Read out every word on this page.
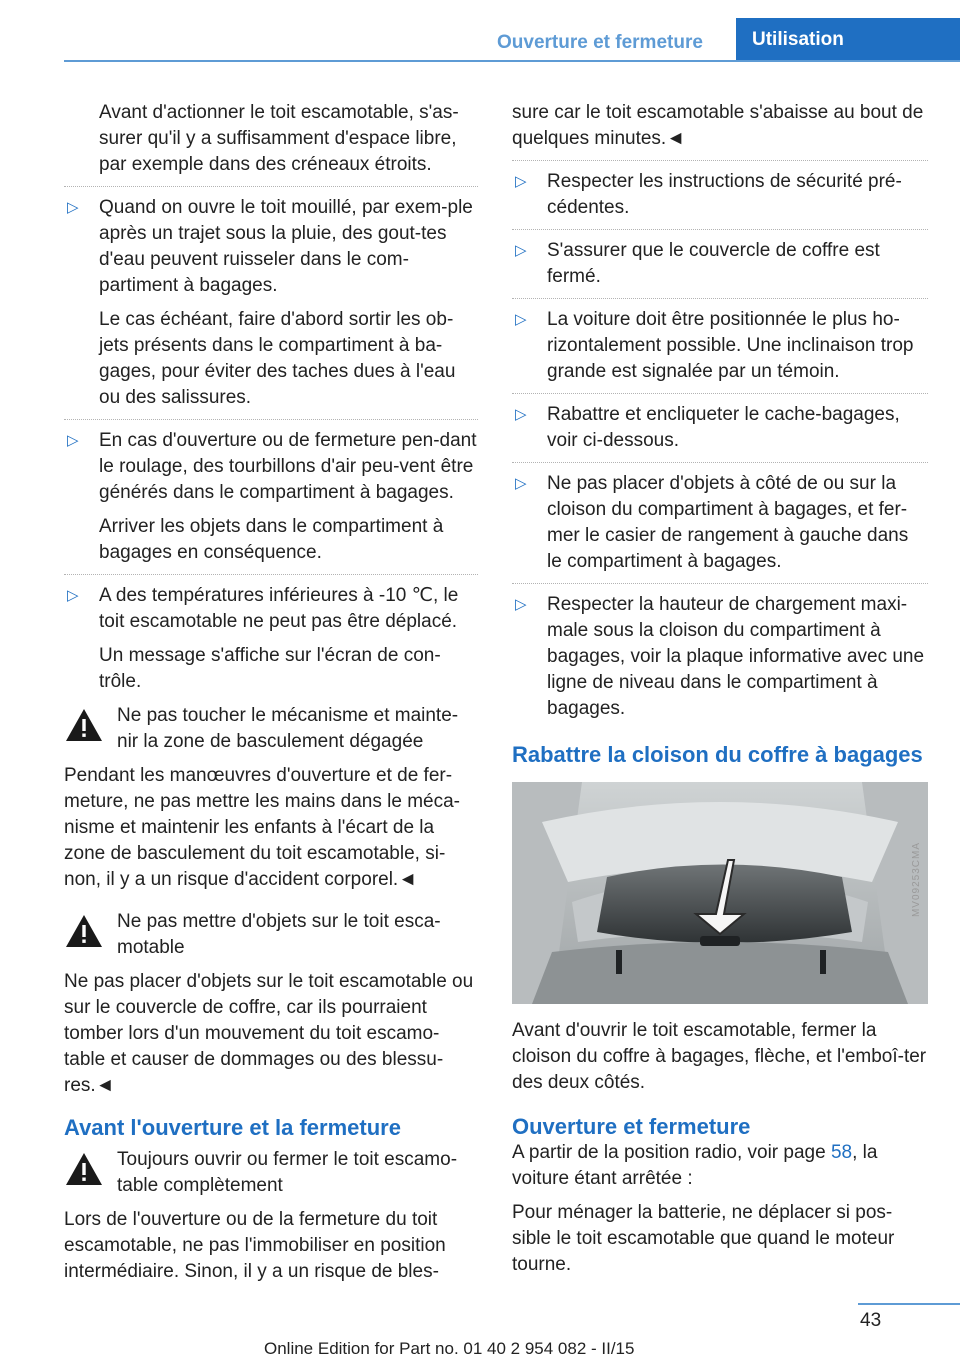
Ouverture et fermeture	Utilisation

Avant d'actionner le toit escamotable, s'as-surer qu'il y a suffisamment d'espace libre, par exemple dans des créneaux étroits.

▷ Quand on ouvre le toit mouillé, par exem-ple après un trajet sous la pluie, des gout-tes d'eau peuvent ruisseler dans le com-partiment à bagages.
Le cas échéant, faire d'abord sortir les ob-jets présents dans le compartiment à ba-gages, pour éviter des taches dues à l'eau ou des salissures.
▷ En cas d'ouverture ou de fermeture pen-dant le roulage, des tourbillons d'air peu-vent être générés dans le compartiment à bagages.
Arriver les objets dans le compartiment à bagages en conséquence.
▷ A des températures inférieures à -10 ℃, le toit escamotable ne peut pas être déplacé.
Un message s'affiche sur l'écran de con-trôle.
Ne pas toucher le mécanisme et mainte-nir la zone de basculement dégagée

Pendant les manœuvres d'ouverture et de fer-meture, ne pas mettre les mains dans le méca-nisme et maintenir les enfants à l'écart de la zone de basculement du toit escamotable, si-non, il y a un risque d'accident corporel.◄

Ne pas mettre d'objets sur le toit esca-motable

Ne pas placer d'objets sur le toit escamotable ou sur le couvercle de coffre, car ils pourraient tomber lors d'un mouvement du toit escamo-table et causer de dommages ou des blessu-res.◄

Avant l'ouverture et la fermeture
Toujours ouvrir ou fermer le toit escamo-table complètement

Lors de l'ouverture ou de la fermeture du toit escamotable, ne pas l'immobiliser en position intermédiaire. Sinon, il y a un risque de bles-

sure car le toit escamotable s'abaisse au bout de quelques minutes.◄

▷ Respecter les instructions de sécurité pré-cédentes.
▷ S'assurer que le couvercle de coffre est fermé.
▷ La voiture doit être positionnée le plus ho-rizontalement possible. Une inclinaison trop grande est signalée par un témoin.
▷ Rabattre et encliqueter le cache-bagages, voir ci-dessous.
▷ Ne pas placer d'objets à côté de ou sur la cloison du compartiment à bagages, et fer-mer le casier de rangement à gauche dans le compartiment à bagages.
▷ Respecter la hauteur de chargement maxi-male sous la cloison du compartiment à bagages, voir la plaque informative avec une ligne de niveau dans le compartiment à bagages.
Rabattre la cloison du coffre à bagages
MV09253CMA

Avant d'ouvrir le toit escamotable, fermer la cloison du coffre à bagages, flèche, et l'emboî-ter des deux côtés.

Ouverture et fermeture

A partir de la position radio, voir page 58, la voiture étant arrêtée :

Pour ménager la batterie, ne déplacer si pos-sible le toit escamotable que quand le moteur tourne.

43
Online Edition for Part no. 01 40 2 954 082 - II/15
